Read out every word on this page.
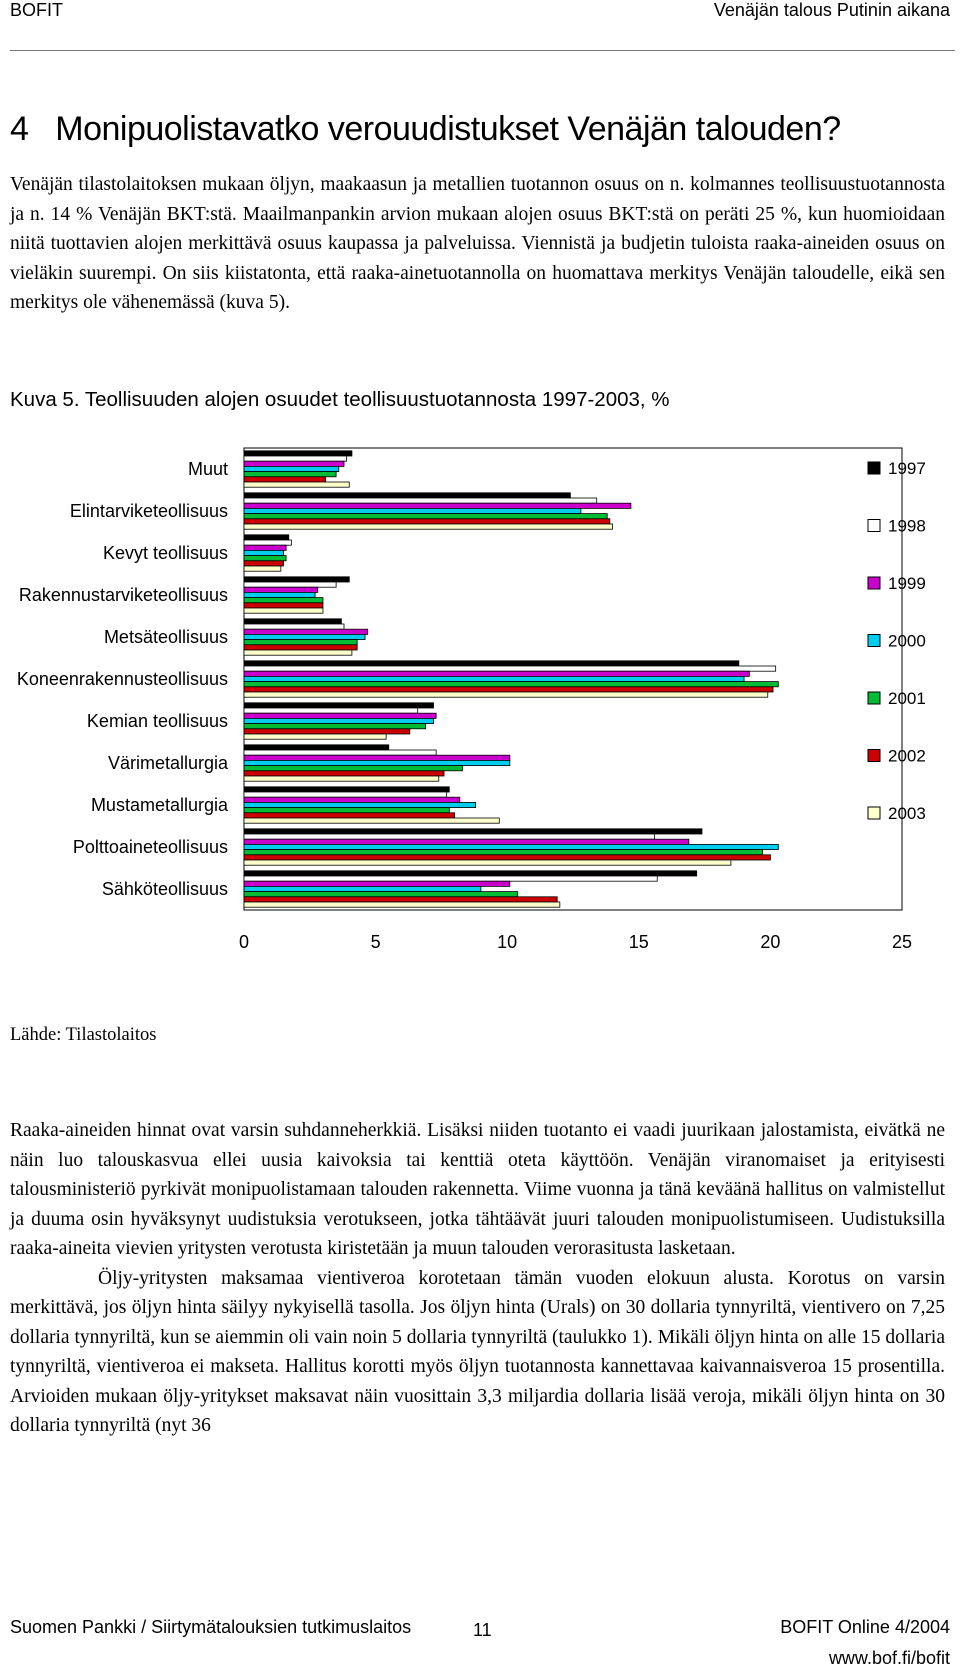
BOFIT	Venäjän talous Putinin aikana
4   Monipuolistavatko verouudistukset Venäjän talouden?

Venäjän tilastolaitoksen mukaan öljyn, maakaasun ja metallien tuotannon osuus on n. kolmannes teollisuustuotannosta ja n. 14 % Venäjän BKT:stä. Maailmanpankin arvion mukaan alojen osuus BKT:stä on peräti 25 %, kun huomioidaan niitä tuottavien alojen merkittävä osuus kaupassa ja palveluissa. Viennistä ja budjetin tuloista raaka-aineiden osuus on vieläkin suurempi. On siis kiistatonta, että raaka-ainetuotannolla on huomattava merkitys Venäjän taloudelle, eikä sen merkitys ole vähenemässä (kuva 5).

Kuva 5. Teollisuuden alojen osuudet teollisuustuotannosta 1997-2003, %
Muut
Elintarviketeollisuus
Kevyt teollisuus
Rakennustarviketeollisuus
Metsäteollisuus
Koneenrakennusteollisuus
Kemian teollisuus
Värimetallurgia
Mustametallurgia
Polttoaineteollisuus
Sähköteollisuus
0	5	10	15	20	25
1997
1998
1999
2000
2001
2002
2003
Lähde: Tilastolaitos

Raaka-aineiden hinnat ovat varsin suhdanneherkkiä. Lisäksi niiden tuotanto ei vaadi juurikaan jalostamista, eivätkä ne näin luo talouskasvua ellei uusia kaivoksia tai kenttiä oteta käyttöön. Venäjän viranomaiset ja erityisesti talousministeriö pyrkivät monipuolistamaan talouden rakennetta. Viime vuonna ja tänä keväänä hallitus on valmistellut ja duuma osin hyväksynyt uudistuksia verotukseen, jotka tähtäävät juuri talouden monipuolistumiseen. Uudistuksilla raaka-aineita vievien yritysten verotusta kiristetään ja muun talouden verorasitusta lasketaan.

Öljy-yritysten maksamaa vientiveroa korotetaan tämän vuoden elokuun alusta. Korotus on varsin merkittävä, jos öljyn hinta säilyy nykyisellä tasolla. Jos öljyn hinta (Urals) on 30 dollaria tynnyriltä, vientivero on 7,25 dollaria tynnyriltä, kun se aiemmin oli vain noin 5 dollaria tynnyriltä (taulukko 1). Mikäli öljyn hinta on alle 15 dollaria tynnyriltä, vientiveroa ei makseta. Hallitus korotti myös öljyn tuotannosta kannettavaa kaivannaisveroa 15 prosentilla. Arvioiden mukaan öljy-yritykset maksavat näin vuosittain 3,3 miljardia dollaria lisää veroja, mikäli öljyn hinta on 30 dollaria tynnyriltä (nyt 36

Suomen Pankki / Siirtymätalouksien tutkimuslaitos	11	BOFIT Online 4/2004
www.bof.fi/bofit
